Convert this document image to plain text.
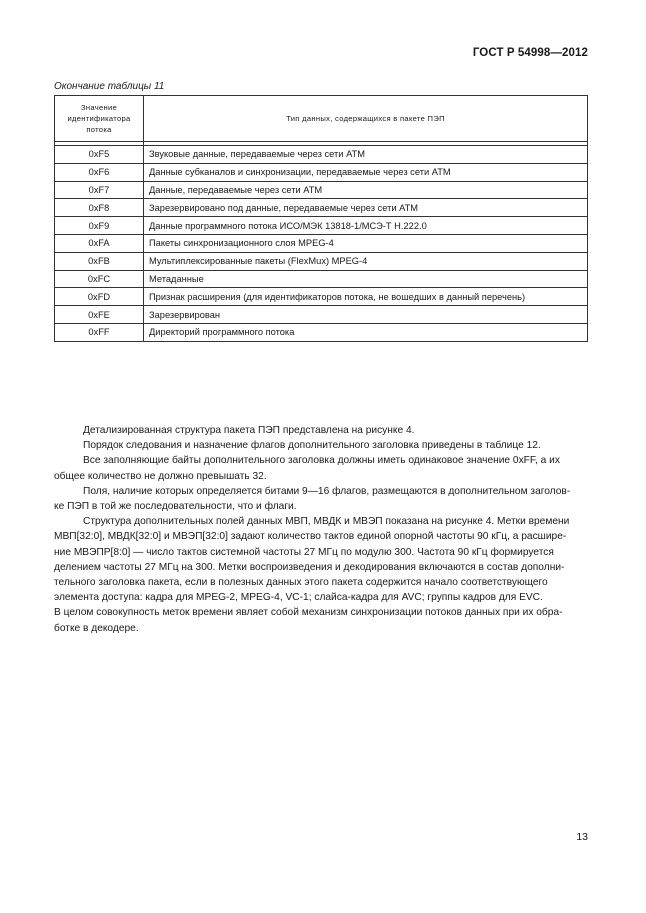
ГОСТ Р 54998—2012
Окончание таблицы 11
Значение
идентификатора
потока	Тип данных, содержащихся в пакете ПЭП

0xF5	Звуковые данные, передаваемые через сети АТМ
0xF6	Данные субканалов и синхронизации, передаваемые через сети АТМ
0xF7	Данные, передаваемые через сети АТМ
0xF8	Зарезервировано под данные, передаваемые через сети АТМ
0xF9	Данные программного потока ИСО/МЭК 13818-1/МСЭ-Т H.222.0
0xFA	Пакеты синхронизационного слоя MPEG-4
0xFB	Мультиплексированные пакеты (FlexMux) MPEG-4
0xFC	Метаданные
0xFD	Признак расширения (для идентификаторов потока, не вошедших в данный перечень)
0xFE	Зарезервирован
0xFF	Директорий программного потока

Детализированная структура пакета ПЭП представлена на рисунке 4.

Порядок следования и назначение флагов дополнительного заголовка приведены в таблице 12.

Все заполняющие байты дополнительного заголовка должны иметь одинаковое значение 0xFF, а их

общее количество не должно превышать 32.

Поля, наличие которых определяется битами 9—16 флагов, размещаются в дополнительном заголов-

ке ПЭП в той же последовательности, что и флаги.

Структура дополнительных полей данных МВП, МВДК и МВЭП показана на рисунке 4. Метки времени

МВП[32:0], МВДК[32:0] и МВЭП[32:0] задают количество тактов единой опорной частоты 90 кГц, а расшире-

ние МВЭПР[8:0] — число тактов системной частоты 27 МГц по модулю 300. Частота 90 кГц формируется

делением частоты 27 МГц на 300. Метки воспроизведения и декодирования включаются в состав дополни-

тельного заголовка пакета, если в полезных данных этого пакета содержится начало соответствующего

элемента доступа: кадра для MPEG-2, MPEG-4, VC-1; слайса-кадра для AVC; группы кадров для EVC.

В целом совокупность меток времени являет собой механизм синхронизации потоков данных при их обра-

ботке в декодере.

13
